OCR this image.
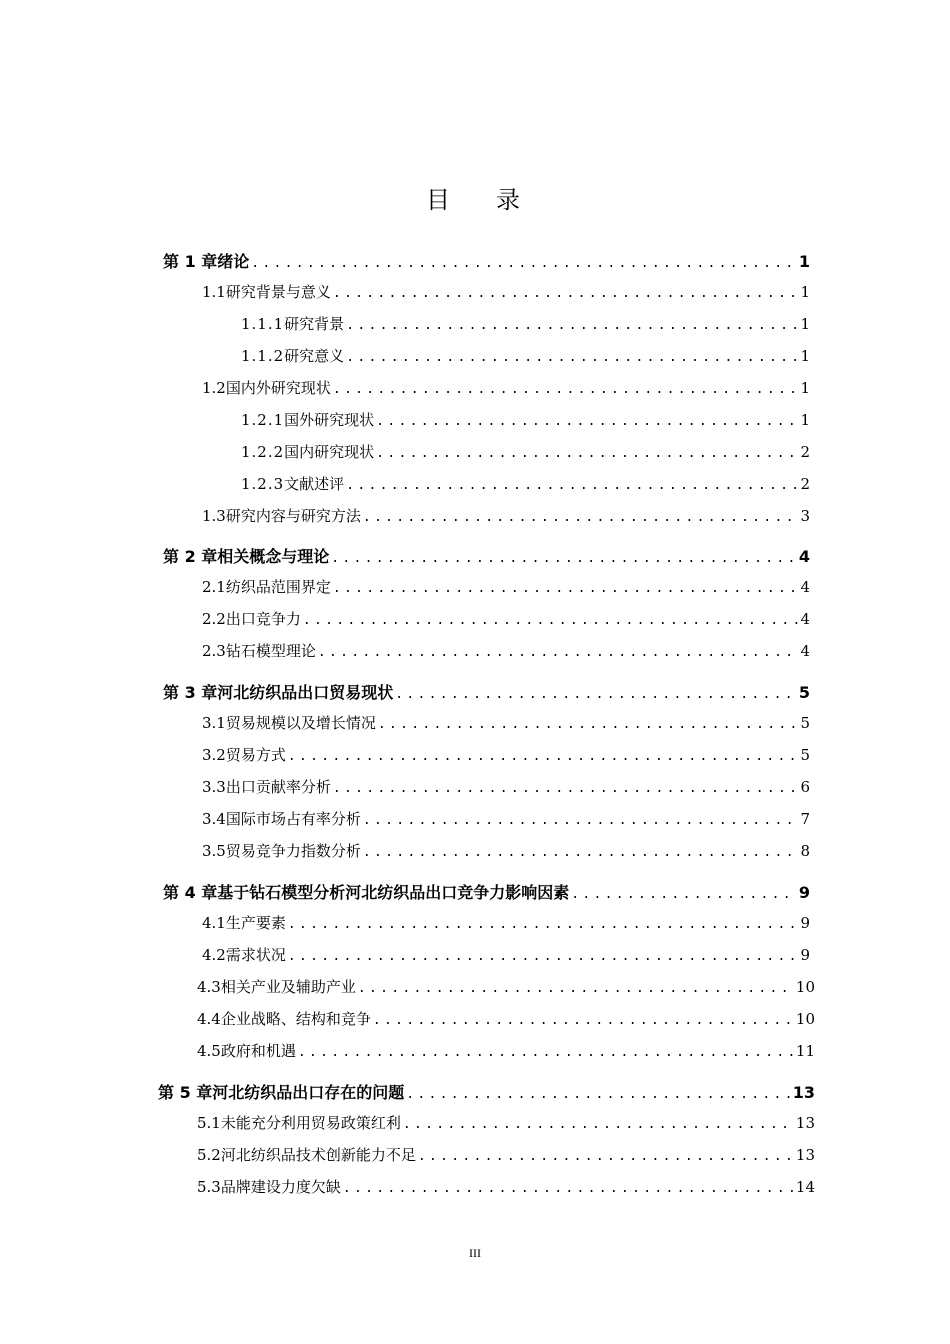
目 录
第 1 章 绪论 .....	1
1.1 研究背景与意义 .....	1
1.1.1 研究背景 .....	1
1.1.2 研究意义 .....	1
1.2 国内外研究现状 .....	1
1.2.1 国外研究现状 .....	1
1.2.2 国内研究现状 .....	2
1.2.3 文献述评 .....	2
1.3 研究内容与研究方法 .....	3
第 2 章 相关概念与理论 .....	4
2.1 纺织品范围界定 .....	4
2.2 出口竞争力 .....	4
2.3 钻石模型理论 .....	4
第 3 章 河北纺织品出口贸易现状 .....	5
3.1 贸易规模以及增长情况 .....	5
3.2 贸易方式 .....	5
3.3 出口贡献率分析 .....	6
3.4 国际市场占有率分析 .....	7
3.5 贸易竞争力指数分析 .....	8
第 4 章 基于钻石模型分析河北纺织品出口竞争力影响因素 .....	9
4.1 生产要素 .....	9
4.2 需求状况 .....	9
4.3 相关产业及辅助产业 .....	10
4.4 企业战略、结构和竞争 .....	10
4.5 政府和机遇 .....	11
第 5 章 河北纺织品出口存在的问题 .....	13
5.1 未能充分利用贸易政策红利 .....	13
5.2 河北纺织品技术创新能力不足 .....	13
5.3 品牌建设力度欠缺 .....	14
III
